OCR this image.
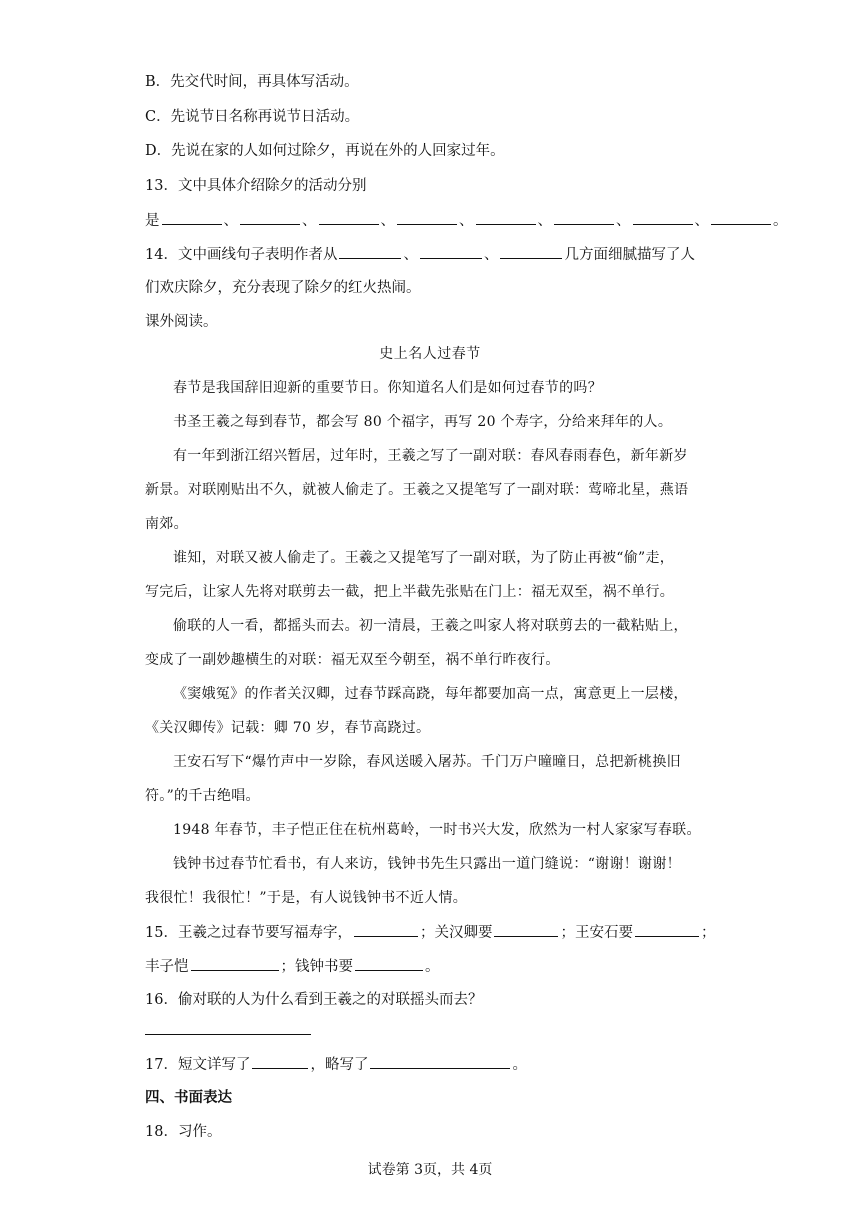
B．先交代时间，再具体写活动。
C．先说节日名称再说节日活动。
D．先说在家的人如何过除夕，再说在外的人回家过年。
13．文中具体介绍除夕的活动分别
是	、	、	、	、	、	、	、	。
14．文中画线句子表明作者从	、	、	几方面细腻描写了人
们欢庆除夕，充分表现了除夕的红火热闹。
课外阅读。
史上名人过春节
春节是我国辞旧迎新的重要节日。你知道名人们是如何过春节的吗？
书圣王羲之每到春节，都会写 80 个福字，再写 20 个寿字，分给来拜年的人。
有一年到浙江绍兴暂居，过年时，王羲之写了一副对联：春风春雨春色，新年新岁
新景。对联刚贴出不久，就被人偷走了。王羲之又提笔写了一副对联：莺啼北星，燕语
南郊。
谁知，对联又被人偷走了。王羲之又提笔写了一副对联，为了防止再被“偷”走，
写完后，让家人先将对联剪去一截，把上半截先张贴在门上：福无双至，祸不单行。
偷联的人一看，都摇头而去。初一清晨，王羲之叫家人将对联剪去的一截粘贴上，
变成了一副妙趣横生的对联：福无双至今朝至，祸不单行昨夜行。
《窦娥冤》的作者关汉卿，过春节踩高跷，每年都要加高一点，寓意更上一层楼，
《关汉卿传》记载：卿 70 岁，春节高跷过。
王安石写下“爆竹声中一岁除，春风送暖入屠苏。千门万户曈曈日，总把新桃换旧
符。”的千古绝唱。
1948 年春节，丰子恺正住在杭州葛岭，一时书兴大发，欣然为一村人家家写春联。
钱钟书过春节忙看书，有人来访，钱钟书先生只露出一道门缝说：“谢谢！谢谢！
我很忙！我很忙！”于是，有人说钱钟书不近人情。
15．王羲之过春节要写福寿字，	；关汉卿要	；王安石要	；
丰子恺	；钱钟书要	。
16．偷对联的人为什么看到王羲之的对联摇头而去？
17．短文详写了	，略写了	。
四、书面表达
18．习作。
试卷第 3页，共 4页
